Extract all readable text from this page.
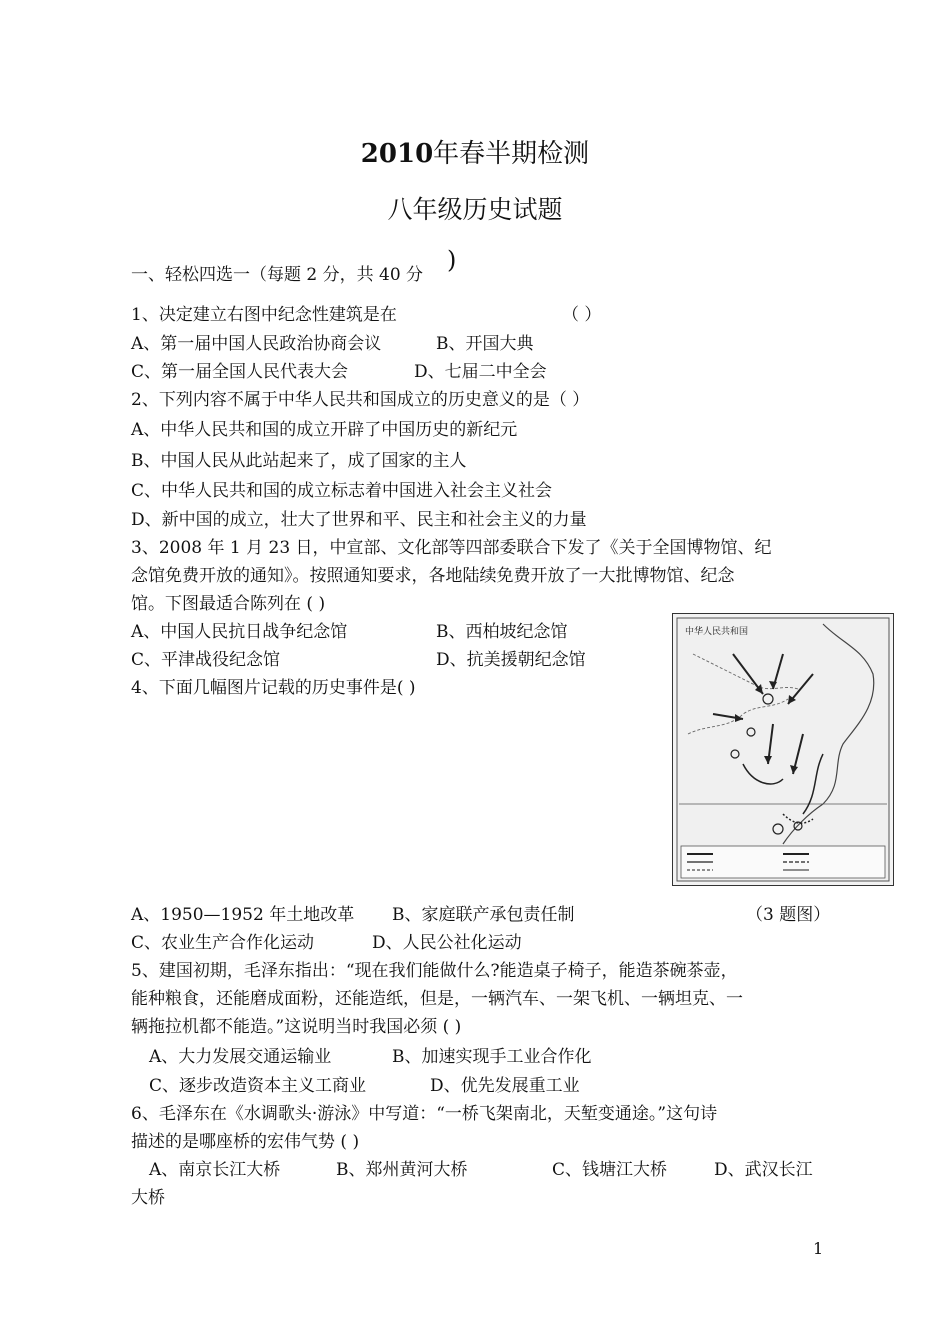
2010年春半期检测
八年级历史试题
一、轻松四选一（每题 2 分，共 40 分
)
1、决定建立右图中纪念性建筑是在	（ ）
A、第一届中国人民政治协商会议	B、开国大典
C、第一届全国人民代表大会	D、七届二中全会
2、下列内容不属于中华人民共和国成立的历史意义的是（ ）
A、中华人民共和国的成立开辟了中国历史的新纪元
B、中国人民从此站起来了，成了国家的主人
C、中华人民共和国的成立标志着中国进入社会主义社会
D、新中国的成立，壮大了世界和平、民主和社会主义的力量
3、2008 年 1 月 23 日，中宣部、文化部等四部委联合下发了《关于全国博物馆、纪
念馆免费开放的通知》。按照通知要求，各地陆续免费开放了一大批博物馆、纪念
馆。下图最适合陈列在 ( )
A、中国人民抗日战争纪念馆	B、西柏坡纪念馆
C、平津战役纪念馆	D、抗美援朝纪念馆
中华人民共和国
4、下面几幅图片记载的历史事件是( )
A、1950—1952 年土地改革 B、家庭联产承包责任制	（3 题图）
C、农业生产合作化运动	D、人民公社化运动
5、建国初期，毛泽东指出：“现在我们能做什么?能造桌子椅子，能造茶碗茶壶，
能种粮食，还能磨成面粉，还能造纸，但是，一辆汽车、一架飞机、一辆坦克、一
辆拖拉机都不能造。”这说明当时我国必须 ( )
A、大力发展交通运输业	B、加速实现手工业合作化
C、逐步改造资本主义工商业	D、优先发展重工业
6、毛泽东在《水调歌头·游泳》中写道：“一桥飞架南北，天堑变通途。”这句诗
描述的是哪座桥的宏伟气势 ( )
A、南京长江大桥	B、郑州黄河大桥	C、钱塘江大桥	D、武汉长江
大桥
1
